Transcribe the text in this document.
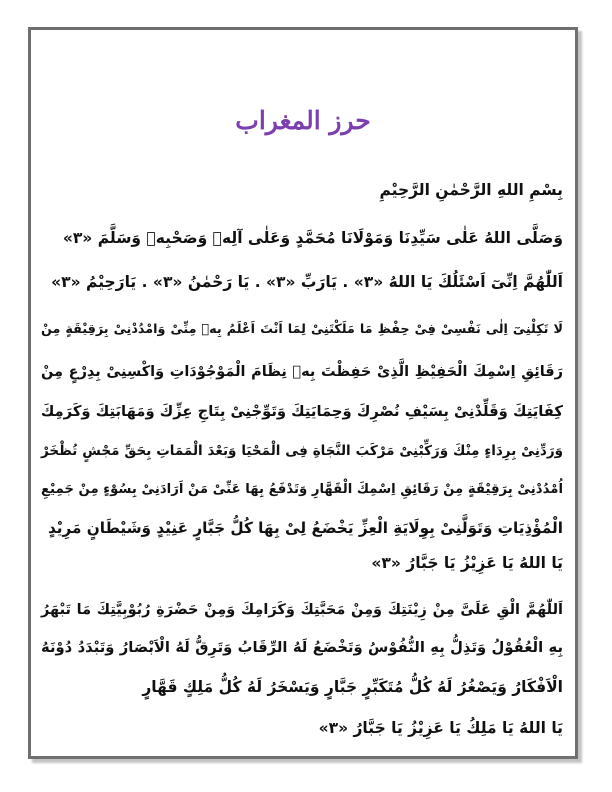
حرز المغراب
بِسْمِ اللهِ الرَّحْمٰنِ الرَّحِيْمِ
وَصَلَّى اللهُ عَلٰى سَيِّدِنَا وَمَوْلَانَا مُحَمَّدٍ وَعَلٰى آلِهٖ وَصَحْبِهٖ وَسَلَّمَ «٣»
اَللّٰهُمَّ اِنِّىٓ اَسْئَلُكَ يَا اللهُ «٣» . يَارَبِّ «٣» . يَا رَحْمٰنُ «٣» . يَارَحِيْمُ «٣»
لَا تَكِلْنِىٓ اِلٰى نَفْسِىْ فِىْ حِفْظِ مَا مَلَكْتَنِىْ لِمَا اَنْتَ اَعْلَمُ بِهٖ مِنِّىْ وَامْدُدْنِىْ بِرَقِيْقَةٍ مِنْ
رَقَائِقِ اِسْمِكَ الْحَفِيْظِ الَّذِىْ حَفِظْتَ بِهٖ نِظَامَ الْمَوْجُوْدَاتِ وَاكْسِنِىْ بِدِرْعٍ مِنْ
كِفَايَتِكَ وَقَلِّدْنِىْ بِسَيْفِ نُصْرِكَ وَحِمَايَتِكَ وَتَوِّجْنِىْ بِتَاجِ عِزِّكَ وَمَهَابَتِكَ وَكَرَمِكَ
وَرَدِّنِىْ بِرِدَاءٍ مِنْكَ وَرَكِّبْنِىْ مَرْكَبَ النَّجَاةِ فِى الْمَحْيَا وَبَعْدَ الْمَمَاتِ بِحَقِّ مَجْشٍ تُظْخَرْ
اُمْدُدْنِىْ بِرَقِيْقَةٍ مِنْ رَقَائِقِ اِسْمِكَ الْقَهَّارِ وَتَدْفَعُ بِهَا عَنِّىْ مَنْ اَرَادَنِىْ بِسُوْءٍ مِنْ جَمِيْعِ
الْمُؤْذِيَاتِ وَتَوَلَّنِىْ بِوِلَايَةِ الْعِزِّ يَخْضَعُ لِىْ بِهَا كُلُّ جَبَّارٍ عَنِيْدٍ وَشَيْطَانٍ مَرِيْدٍ
يَا اللهُ يَا عَزِيْزُ يَا جَبَّارُ «٣»
اَللّٰهُمَّ الْقِ عَلَىَّ مِنْ زِيْنَتِكَ وَمِنْ مَحَبَّتِكَ وَكَرَامِكَ وَمِنْ حَضْرَةِ رُبُوْبِيَّتِكَ مَا تَبْهَرُ
بِهِ الْعُقُوْلُ وَتَذِلُّ بِهِ النُّفُوْسُ وَتَخْضَعُ لَهُ الرِّقَابُ وَتَرِقُّ لَهُ الْاَبْصَارُ وَتَبْدَدُ دُوْنَهُ
الْاَفْكَارُ وَيَصْغُرُ لَهُ كُلُّ مُتَكَبِّرٍ جَبَّارٍ وَيَسْخَرُ لَهُ كُلُّ مَلِكٍ قَهَّارٍ
يَا اللهُ يَا مَلِكُ يَا عَزِيْزُ يَا جَبَّارُ «٣»
